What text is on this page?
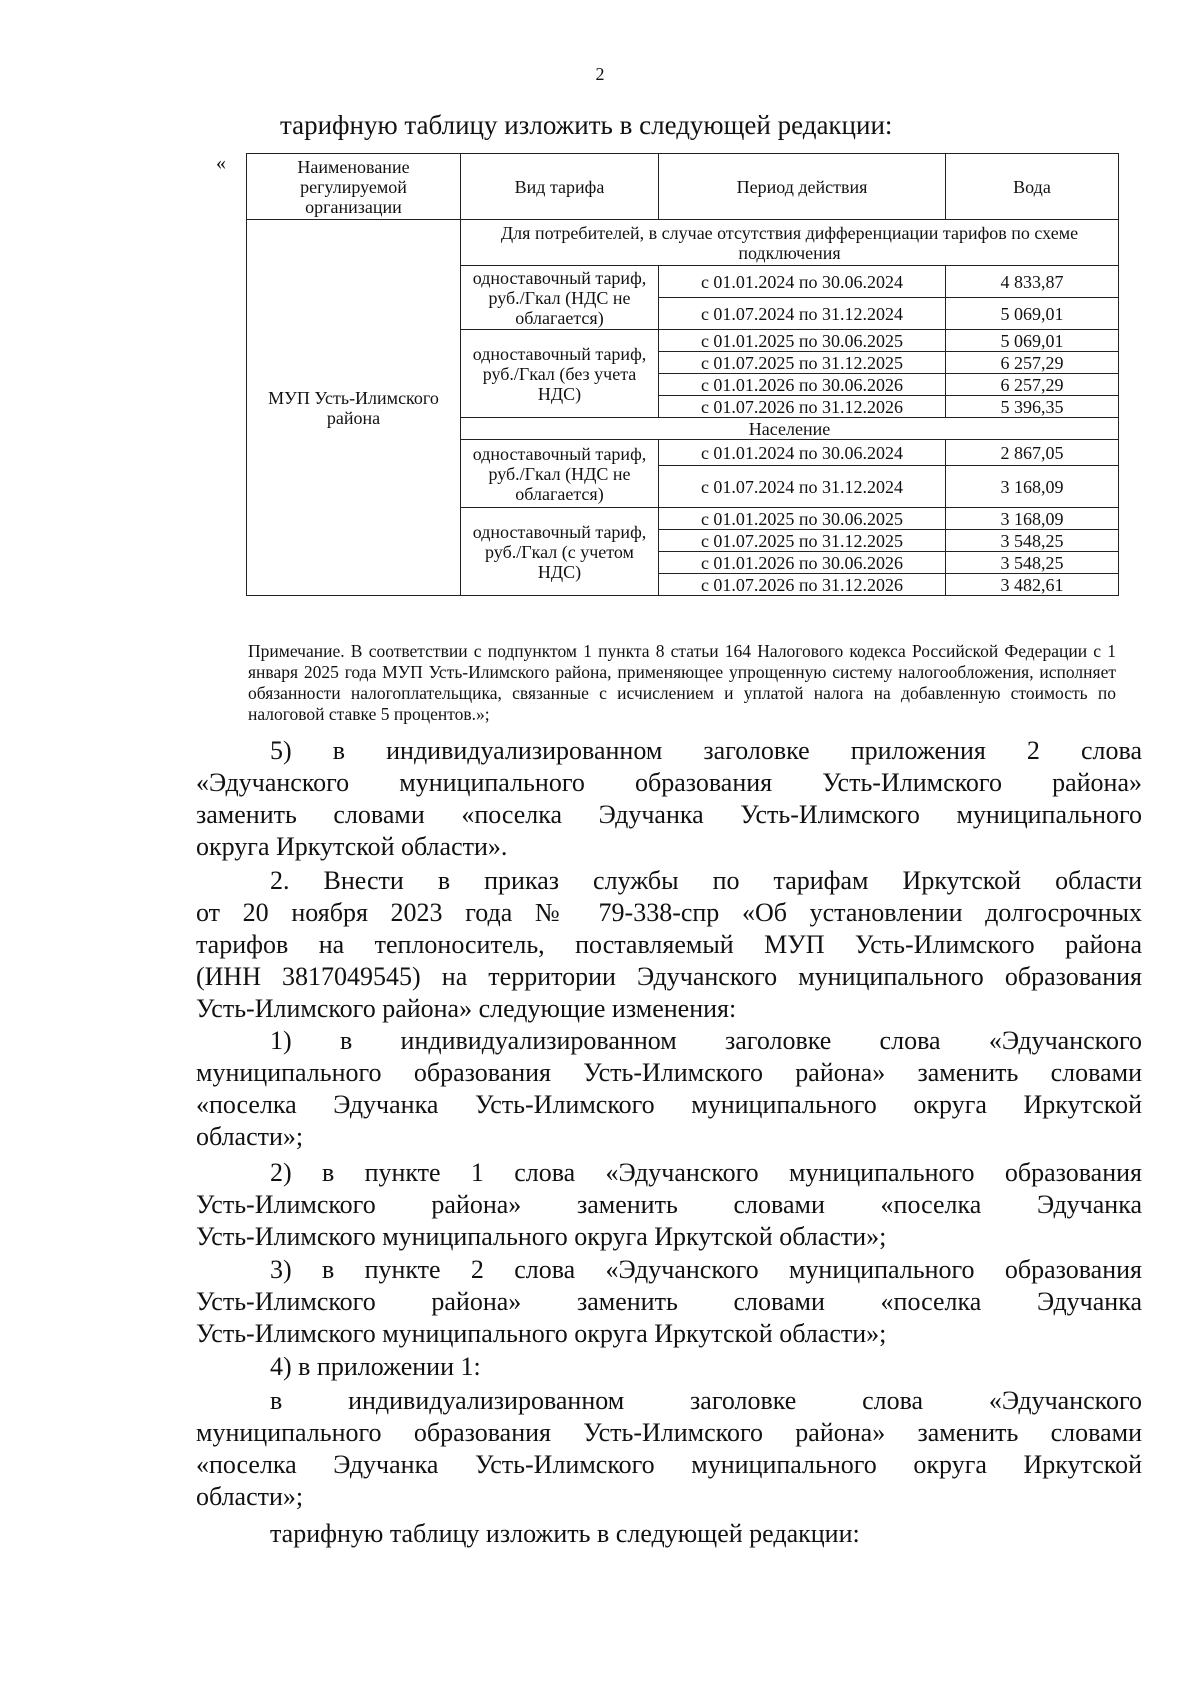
2
тарифную таблицу изложить в следующей редакции:
«	Наименование регулируемой организации	Вид тарифа	Период действия	Вода
МУП Усть-Илимского района	Для потребителей, в случае отсутствия дифференциации тарифов по схеме подключения		
	одноставочный тариф, руб./Гкал (НДС не облагается)	с 01.01.2024 по 30.06.2024	4 833,87
		с 01.07.2024 по 31.12.2024	5 069,01
	одноставочный тариф, руб./Гкал (без учета НДС)	с 01.01.2025 по 30.06.2025	5 069,01
		с 01.07.2025 по 31.12.2025	6 257,29
		с 01.01.2026 по 30.06.2026	6 257,29
		с 01.07.2026 по 31.12.2026	5 396,35
	Население		
	одноставочный тариф, руб./Гкал (НДС не облагается)	с 01.01.2024 по 30.06.2024	2 867,05
		с 01.07.2024 по 31.12.2024	3 168,09
	одноставочный тариф, руб./Гкал (с учетом НДС)	с 01.01.2025 по 30.06.2025	3 168,09
		с 01.07.2025 по 31.12.2025	3 548,25
		с 01.01.2026 по 30.06.2026	3 548,25
		с 01.07.2026 по 31.12.2026	3 482,61
Примечание. В соответствии с подпунктом 1 пункта 8 статьи 164 Налогового кодекса Российской Федерации с 1 января 2025 года МУП Усть-Илимского района, применяющее упрощенную систему налогообложения, исполняет обязанности налогоплательщика, связанные с исчислением и уплатой налога на добавленную стоимость по налоговой ставке 5 процентов.»;
5) в индивидуализированном заголовке приложения 2 слова
«Эдучанского муниципального образования Усть-Илимского района»
заменить словами «поселка Эдучанка Усть-Илимского муниципального
округа Иркутской области».
2. Внести в приказ службы по тарифам Иркутской области
от 20 ноября 2023 года № 79-338-спр «Об установлении долгосрочных
тарифов на теплоноситель, поставляемый МУП Усть-Илимского района
(ИНН 3817049545) на территории Эдучанского муниципального образования
Усть-Илимского района» следующие изменения:
1) в индивидуализированном заголовке слова «Эдучанского
муниципального образования Усть-Илимского района» заменить словами
«поселка Эдучанка Усть-Илимского муниципального округа Иркутской
области»;
2) в пункте 1 слова «Эдучанского муниципального образования
Усть-Илимского района» заменить словами «поселка Эдучанка
Усть-Илимского муниципального округа Иркутской области»;
3) в пункте 2 слова «Эдучанского муниципального образования
Усть-Илимского района» заменить словами «поселка Эдучанка
Усть-Илимского муниципального округа Иркутской области»;
4) в приложении 1:
в индивидуализированном заголовке слова «Эдучанского
муниципального образования Усть-Илимского района» заменить словами
«поселка Эдучанка Усть-Илимского муниципального округа Иркутской
области»;
тарифную таблицу изложить в следующей редакции:
